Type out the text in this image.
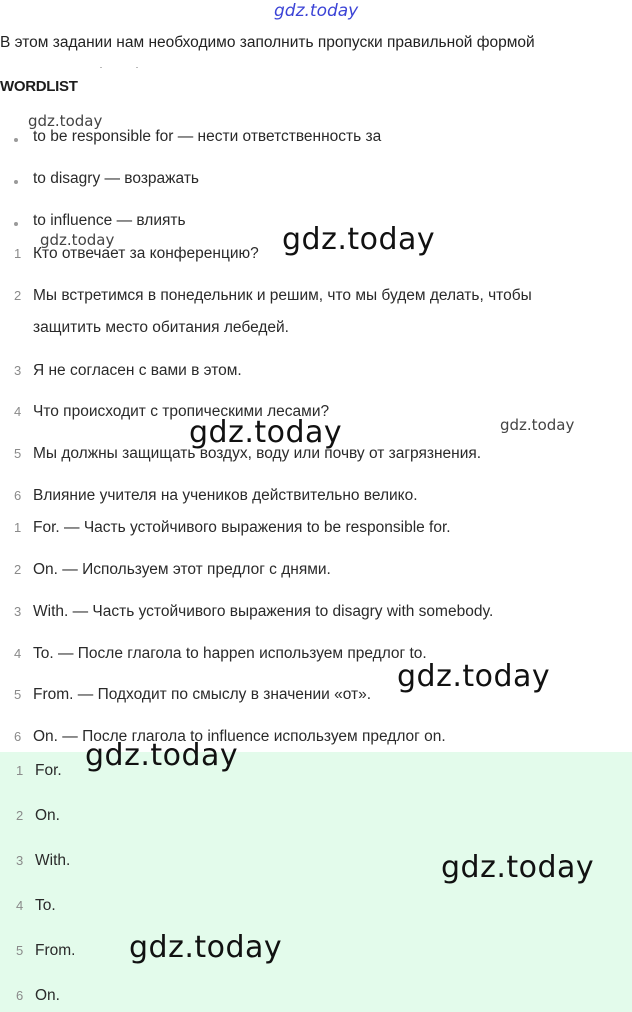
gdz.today
В этом задании нам необходимо заполнить пропуски правильной формой
WORDLIST
to be responsible for — нести ответственность за
to disagry — возражать
to influence — влиять
1 Кто отвечает за конференцию?
2 Мы встретимся в понедельник и решим, что мы будем делать, чтобы
защитить место обитания лебедей.
3 Я не согласен с вами в этом.
4 Что происходит с тропическими лесами?
5 Мы должны защищать воздух, воду или почву от загрязнения.
6 Влияние учителя на учеников действительно велико.
1 For. — Часть устойчивого выражения to be responsible for.
2 On. — Используем этот предлог с днями.
3 With. — Часть устойчивого выражения to disagry with somebody.
4 To. — После глагола to happen используем предлог to.
5 From. — Подходит по смыслу в значении «от».
6 On. — После глагола to influence используем предлог on.
1 For.
2 On.
3 With.
4 To.
5 From.
6 On.
gdz.today
gdz.today	gdz.today
gdz.today	gdz.today
gdz.today
gdz.today
gdz.today
gdz.today
